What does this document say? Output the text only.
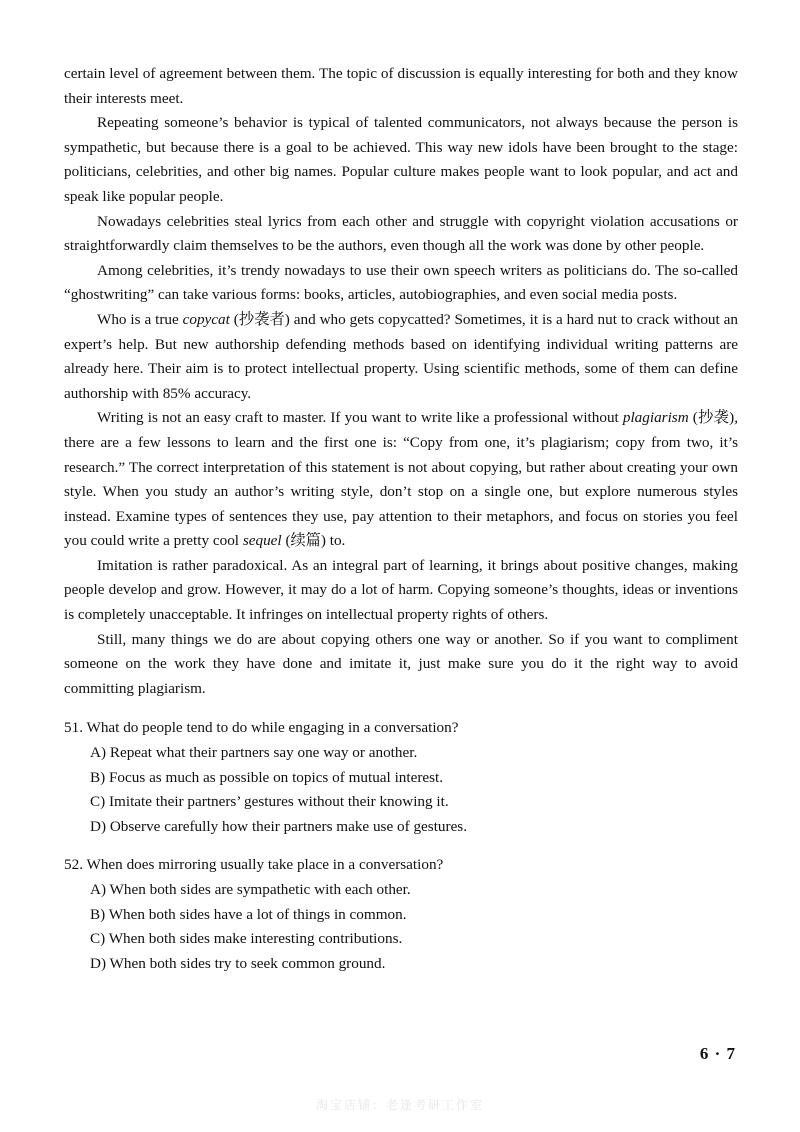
certain level of agreement between them. The topic of discussion is equally interesting for both and they know their interests meet.

Repeating someone’s behavior is typical of talented communicators, not always because the person is sympathetic, but because there is a goal to be achieved. This way new idols have been brought to the stage: politicians, celebrities, and other big names. Popular culture makes people want to look popular, and act and speak like popular people.

Nowadays celebrities steal lyrics from each other and struggle with copyright violation accusations or straightforwardly claim themselves to be the authors, even though all the work was done by other people.

Among celebrities, it’s trendy nowadays to use their own speech writers as politicians do. The so-called “ghostwriting” can take various forms: books, articles, autobiographies, and even social media posts.

Who is a true copycat (抄袭者) and who gets copycatted? Sometimes, it is a hard nut to crack without an expert’s help. But new authorship defending methods based on identifying individual writing patterns are already here. Their aim is to protect intellectual property. Using scientific methods, some of them can define authorship with 85% accuracy.

Writing is not an easy craft to master. If you want to write like a professional without plagiarism (抄袭), there are a few lessons to learn and the first one is: “Copy from one, it’s plagiarism; copy from two, it’s research.” The correct interpretation of this statement is not about copying, but rather about creating your own style. When you study an author’s writing style, don’t stop on a single one, but explore numerous styles instead. Examine types of sentences they use, pay attention to their metaphors, and focus on stories you feel you could write a pretty cool sequel (续篇) to.

Imitation is rather paradoxical. As an integral part of learning, it brings about positive changes, making people develop and grow. However, it may do a lot of harm. Copying someone’s thoughts, ideas or inventions is completely unacceptable. It infringes on intellectual property rights of others.

Still, many things we do are about copying others one way or another. So if you want to compliment someone on the work they have done and imitate it, just make sure you do it the right way to avoid committing plagiarism.

51. What do people tend to do while engaging in a conversation?

A) Repeat what their partners say one way or another.
B) Focus as much as possible on topics of mutual interest.
C) Imitate their partners’ gestures without their knowing it.
D) Observe carefully how their partners make use of gestures.

52. When does mirroring usually take place in a conversation?

A) When both sides are sympathetic with each other.
B) When both sides have a lot of things in common.
C) When both sides make interesting contributions.
D) When both sides try to seek common ground.
6 · 7
淘宝店铺：老逢考研工作室
